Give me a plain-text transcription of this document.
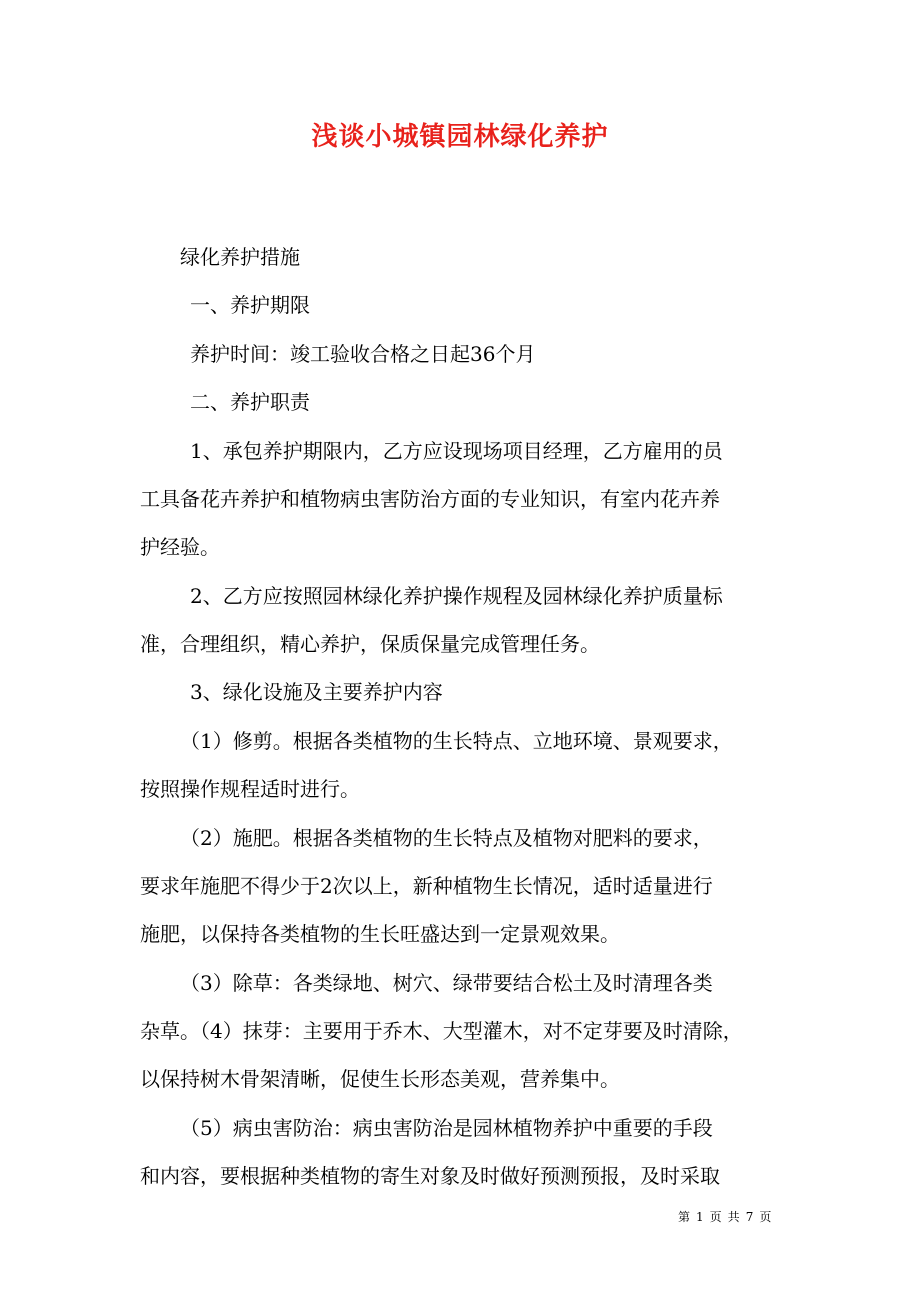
浅谈小城镇园林绿化养护
绿化养护措施
一、养护期限
养护时间：竣工验收合格之日起36个月
二、养护职责
1、承包养护期限内，乙方应设现场项目经理，乙方雇用的员
工具备花卉养护和植物病虫害防治方面的专业知识，有室内花卉养
护经验。
2、乙方应按照园林绿化养护操作规程及园林绿化养护质量标
准，合理组织，精心养护，保质保量完成管理任务。
3、绿化设施及主要养护内容
（1）修剪。根据各类植物的生长特点、立地环境、景观要求，
按照操作规程适时进行。
（2）施肥。根据各类植物的生长特点及植物对肥料的要求，
要求年施肥不得少于2次以上，新种植物生长情况，适时适量进行
施肥，以保持各类植物的生长旺盛达到一定景观效果。
（3）除草：各类绿地、树穴、绿带要结合松土及时清理各类
杂草。（4）抹芽：主要用于乔木、大型灌木，对不定芽要及时清除，
以保持树木骨架清晰，促使生长形态美观，营养集中。
（5）病虫害防治：病虫害防治是园林植物养护中重要的手段
和内容，要根据种类植物的寄生对象及时做好预测预报，及时采取
第 1 页 共 7 页
